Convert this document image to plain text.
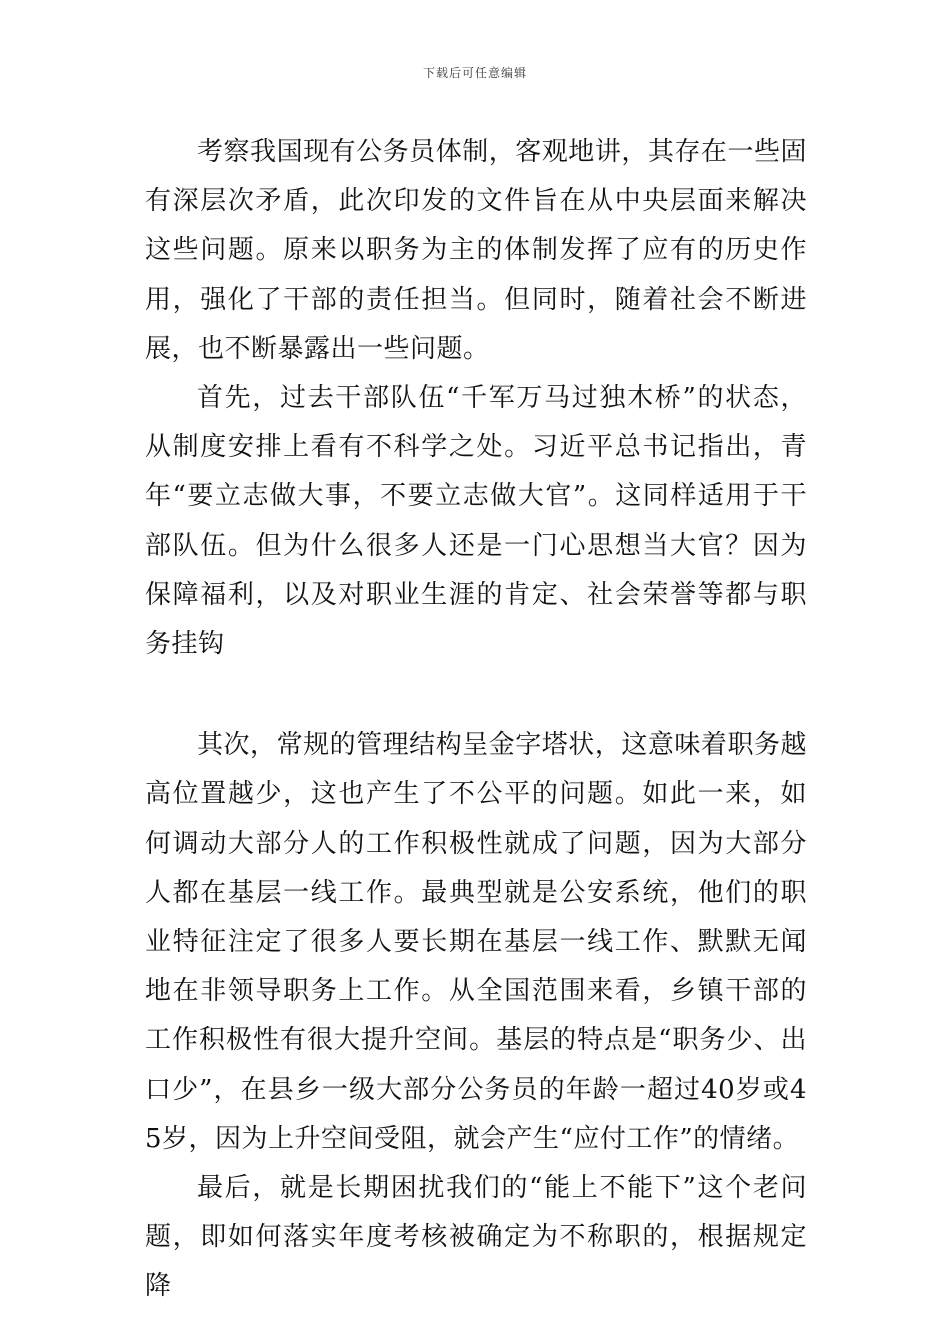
下载后可任意编辑

考察我国现有公务员体制，客观地讲，其存在一些固有深层次矛盾，此次印发的文件旨在从中央层面来解决这些问题。原来以职务为主的体制发挥了应有的历史作用，强化了干部的责任担当。但同时，随着社会不断进展，也不断暴露出一些问题。

首先，过去干部队伍“千军万马过独木桥”的状态，从制度安排上看有不科学之处。习近平总书记指出，青年“要立志做大事，不要立志做大官”。这同样适用于干部队伍。但为什么很多人还是一门心思想当大官？因为保障福利，以及对职业生涯的肯定、社会荣誉等都与职务挂钩

其次，常规的管理结构呈金字塔状，这意味着职务越高位置越少，这也产生了不公平的问题。如此一来，如何调动大部分人的工作积极性就成了问题，因为大部分人都在基层一线工作。最典型就是公安系统，他们的职业特征注定了很多人要长期在基层一线工作、默默无闻地在非领导职务上工作。从全国范围来看，乡镇干部的工作积极性有很大提升空间。基层的特点是“职务少、出口少”，在县乡一级大部分公务员的年龄一超过40岁或45岁，因为上升空间受阻，就会产生“应付工作”的情绪。

最后，就是长期困扰我们的“能上不能下”这个老问题，即如何落实年度考核被确定为不称职的，根据规定降
